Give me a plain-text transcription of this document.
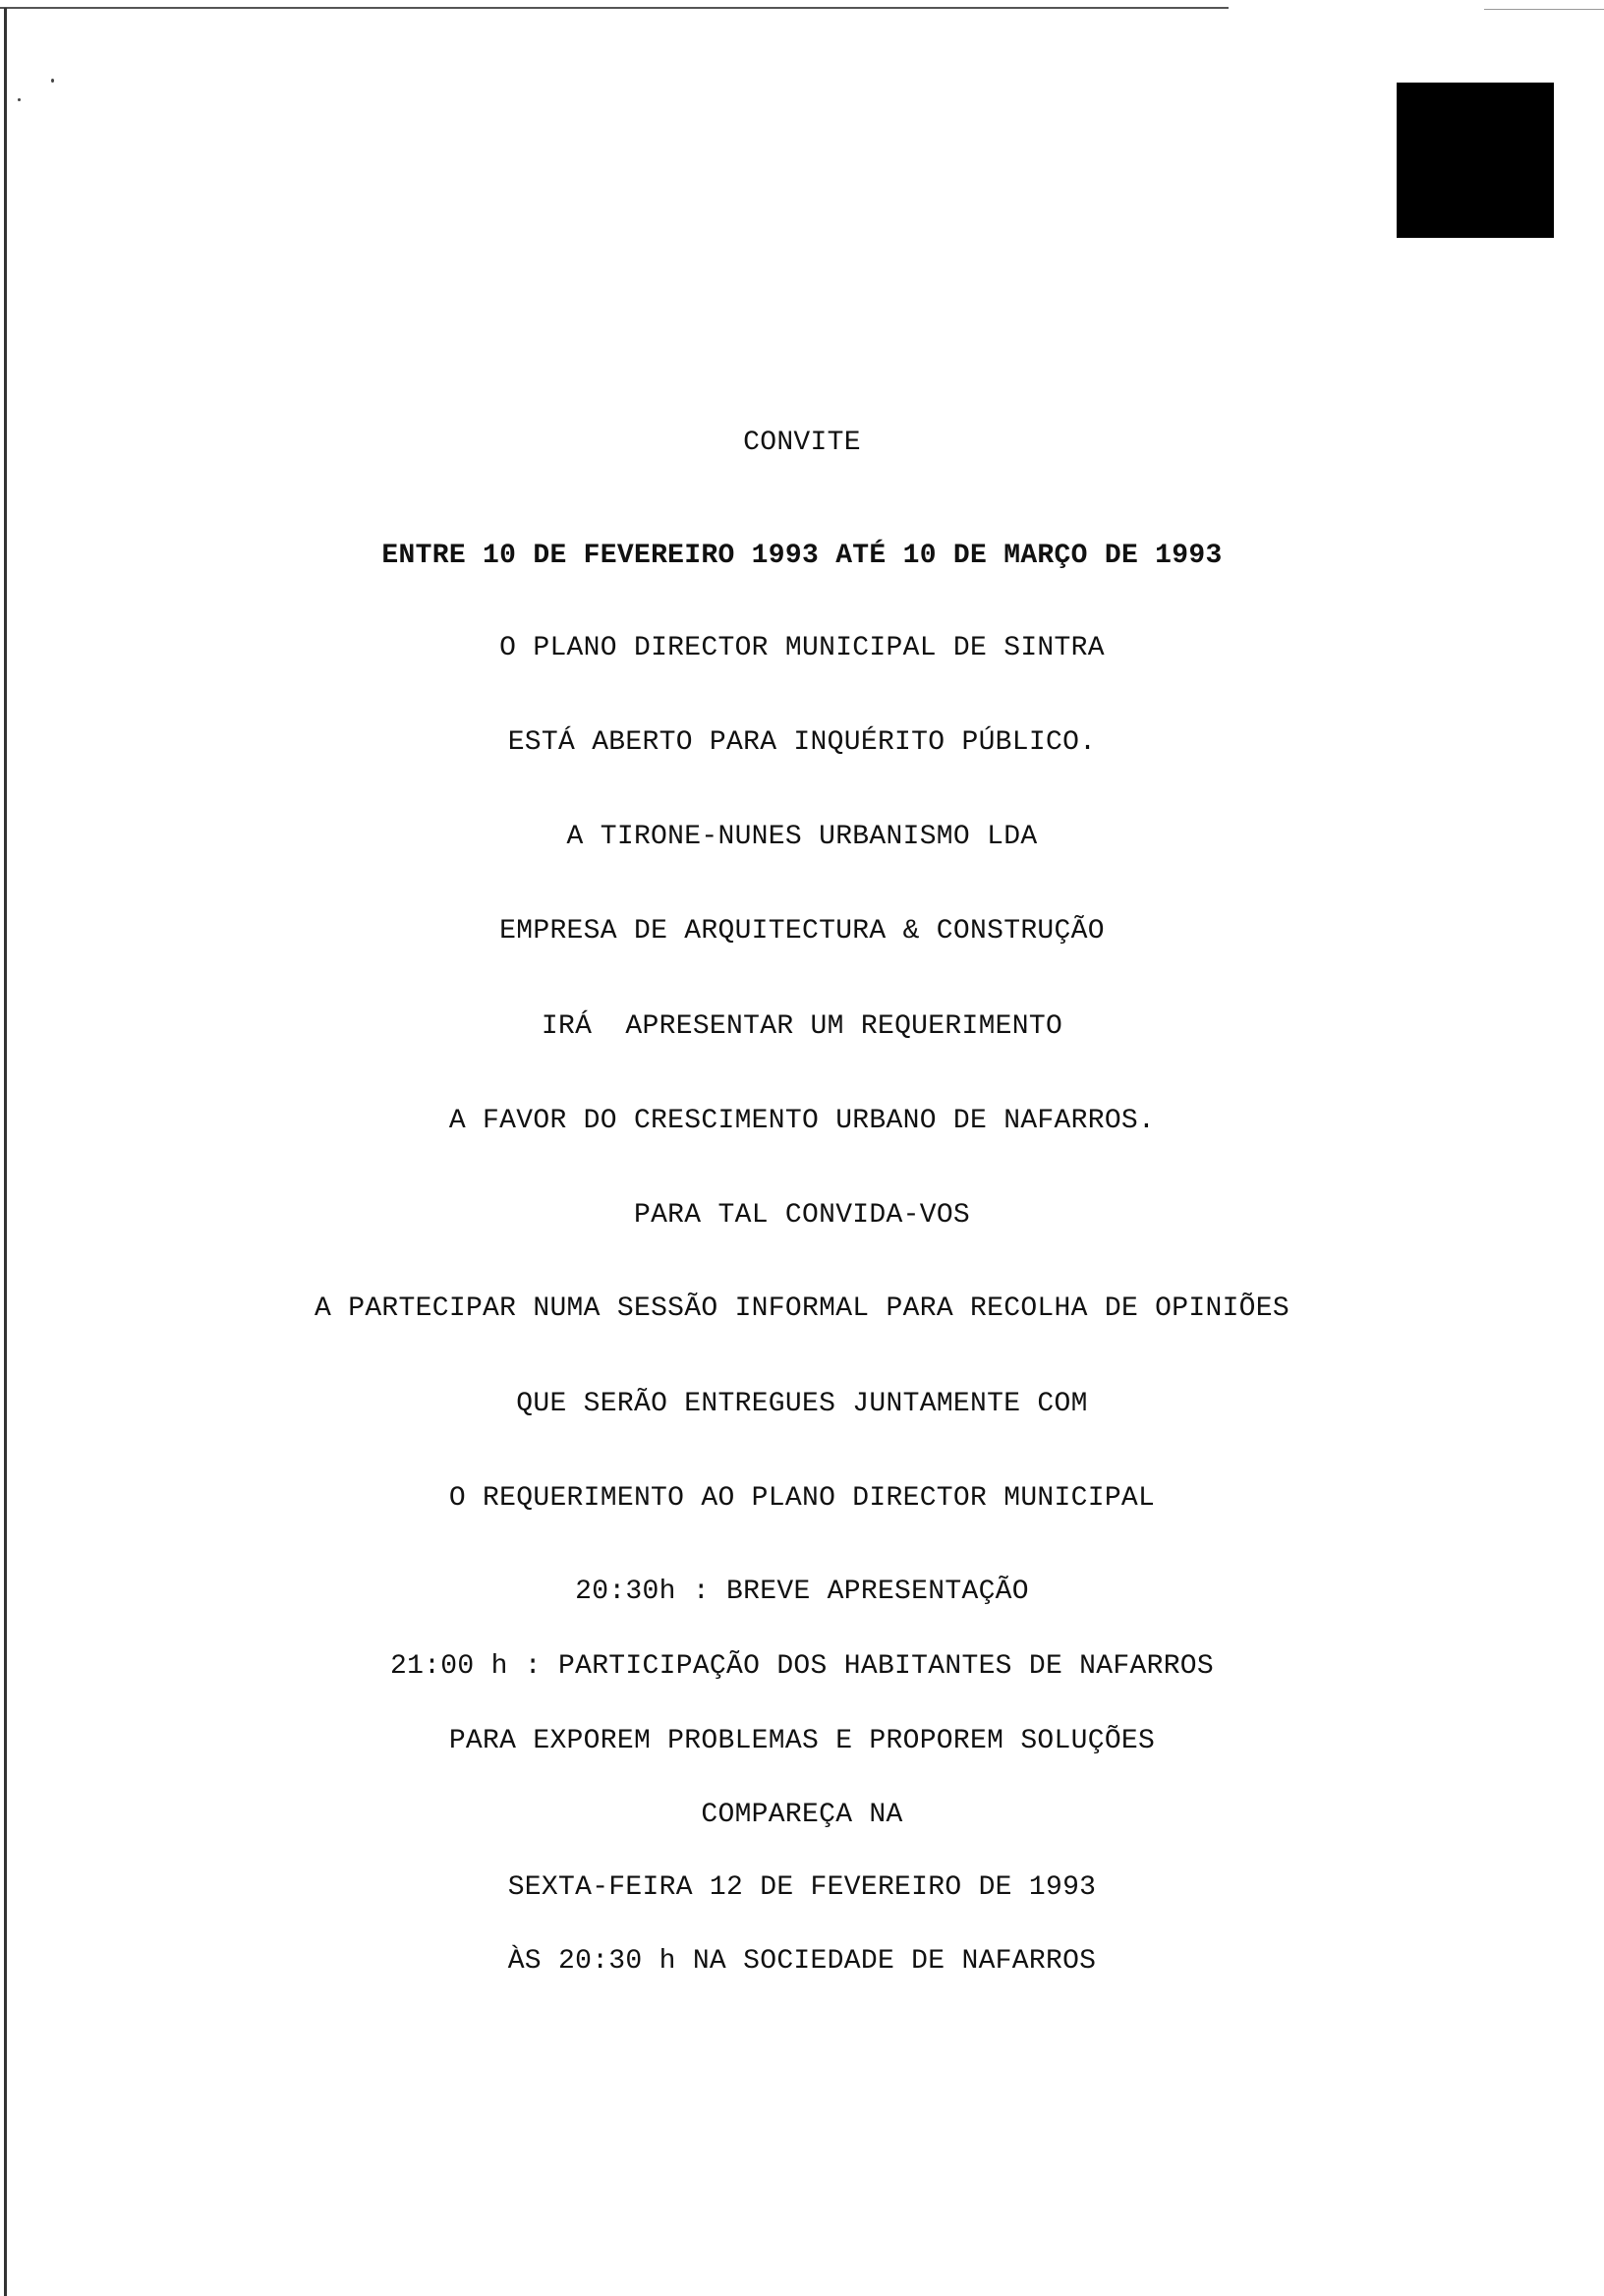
CONVITE
ENTRE 10 DE FEVEREIRO 1993 ATÉ 10 DE MARÇO DE 1993
O PLANO DIRECTOR MUNICIPAL DE SINTRA
ESTÁ ABERTO PARA INQUÉRITO PÚBLICO.
A TIRONE-NUNES URBANISMO LDA
EMPRESA DE ARQUITECTURA & CONSTRUÇÃO
IRÁ  APRESENTAR UM REQUERIMENTO
A FAVOR DO CRESCIMENTO URBANO DE NAFARROS.
PARA TAL CONVIDA-VOS
A PARTECIPAR NUMA SESSÃO INFORMAL PARA RECOLHA DE OPINIÕES
QUE SERÃO ENTREGUES JUNTAMENTE COM
O REQUERIMENTO AO PLANO DIRECTOR MUNICIPAL
20:30h : BREVE APRESENTAÇÃO
21:00 h : PARTICIPAÇÃO DOS HABITANTES DE NAFARROS
PARA EXPOREM PROBLEMAS E PROPOREM SOLUÇÕES
COMPAREÇA NA
SEXTA-FEIRA 12 DE FEVEREIRO DE 1993
ÀS 20:30 h NA SOCIEDADE DE NAFARROS
